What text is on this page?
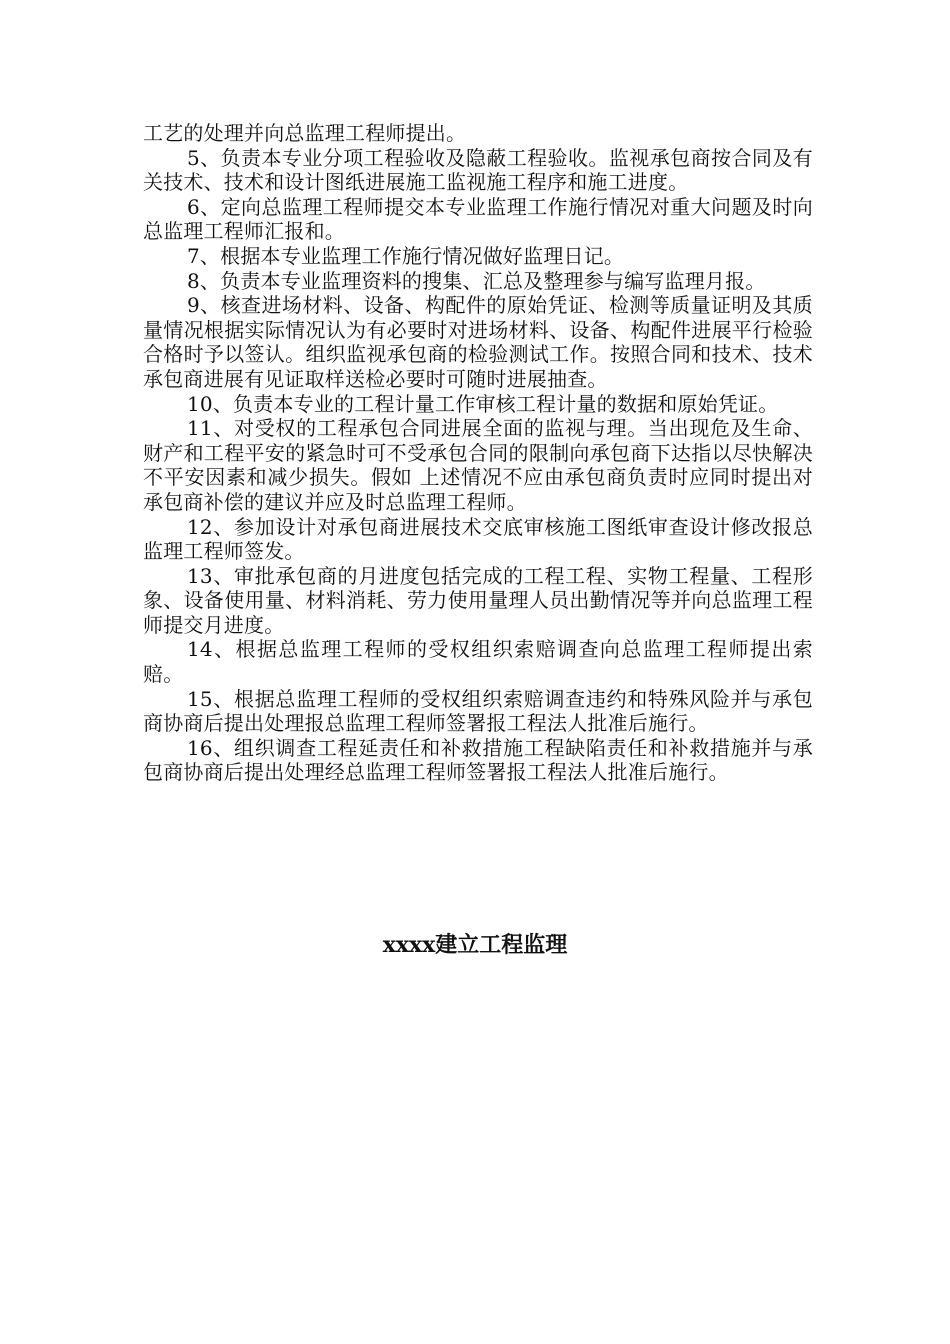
工艺的处理并向总监理工程师提出。

5、负责本专业分项工程验收及隐蔽工程验收。监视承包商按合同及有关技术、技术和设计图纸进展施工监视施工程序和施工进度。

6、定向总监理工程师提交本专业监理工作施行情况对重大问题及时向总监理工程师汇报和。

7、根据本专业监理工作施行情况做好监理日记。

8、负责本专业监理资料的搜集、汇总及整理参与编写监理月报。

9、核查进场材料、设备、构配件的原始凭证、检测等质量证明及其质量情况根据实际情况认为有必要时对进场材料、设备、构配件进展平行检验合格时予以签认。组织监视承包商的检验测试工作。按照合同和技术、技术承包商进展有见证取样送检必要时可随时进展抽查。

10、负责本专业的工程计量工作审核工程计量的数据和原始凭证。

11、对受权的工程承包合同进展全面的监视与理。当出现危及生命、财产和工程平安的紧急时可不受承包合同的限制向承包商下达指以尽快解决不平安因素和减少损失。假如 上述情况不应由承包商负责时应同时提出对承包商补偿的建议并应及时总监理工程师。

12、参加设计对承包商进展技术交底审核施工图纸审查设计修改报总监理工程师签发。

13、审批承包商的月进度包括完成的工程工程、实物工程量、工程形象、设备使用量、材料消耗、劳力使用量理人员出勤情况等并向总监理工程师提交月进度。

14、根据总监理工程师的受权组织索赔调查向总监理工程师提出索赔。

15、根据总监理工程师的受权组织索赔调查违约和特殊风险并与承包商协商后提出处理报总监理工程师签署报工程法人批准后施行。

16、组织调查工程延责任和补救措施工程缺陷责任和补救措施并与承包商协商后提出处理经总监理工程师签署报工程法人批准后施行。

xxxx建立工程监理
